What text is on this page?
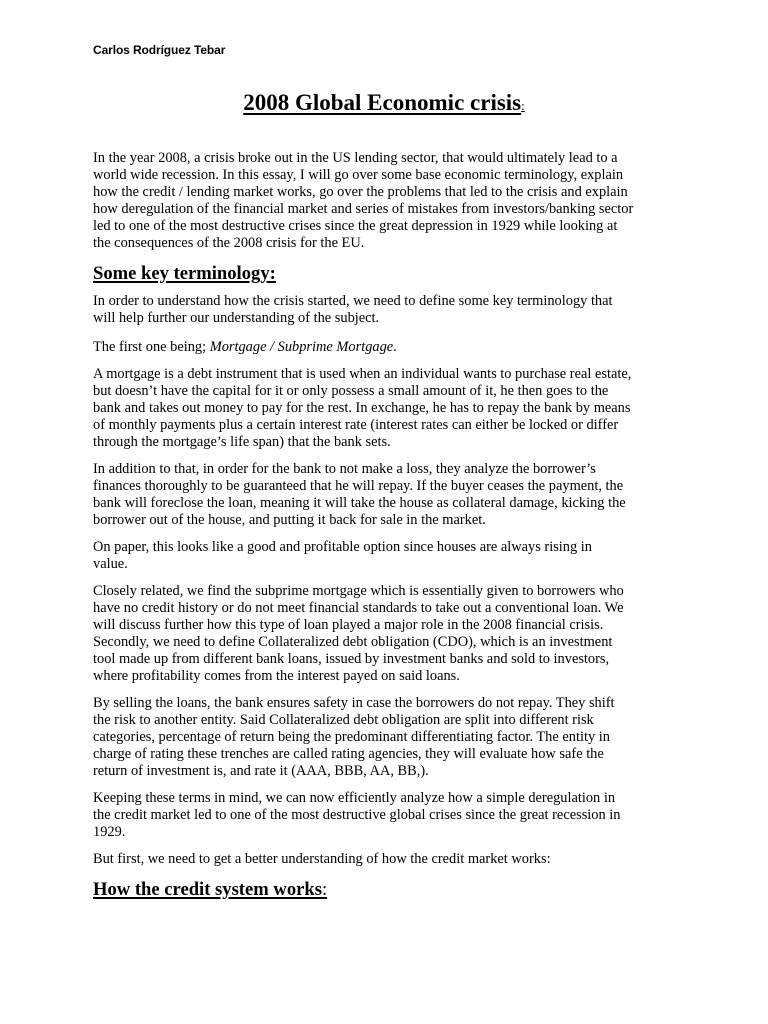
Carlos Rodríguez Tebar
2008 Global Economic crisis:

In the year 2008, a crisis broke out in the US lending sector, that would ultimately lead to a
world wide recession. In this essay, I will go over some base economic terminology, explain
how the credit / lending market works, go over the problems that led to the crisis and explain
how deregulation of the financial market and series of mistakes from investors/banking sector
led to one of the most destructive crises since the great depression in 1929 while looking at
the consequences of the 2008 crisis for the EU.

Some key terminology:

In order to understand how the crisis started, we need to define some key terminology that
will help further our understanding of the subject.

The first one being; Mortgage / Subprime Mortgage.

A mortgage is a debt instrument that is used when an individual wants to purchase real estate,
but doesn’t have the capital for it or only possess a small amount of it, he then goes to the
bank and takes out money to pay for the rest. In exchange, he has to repay the bank by means
of monthly payments plus a certain interest rate (interest rates can either be locked or differ
through the mortgage’s life span) that the bank sets.

In addition to that, in order for the bank to not make a loss, they analyze the borrower’s
finances thoroughly to be guaranteed that he will repay. If the buyer ceases the payment, the
bank will foreclose the loan, meaning it will take the house as collateral damage, kicking the
borrower out of the house, and putting it back for sale in the market.

On paper, this looks like a good and profitable option since houses are always rising in
value.

Closely related, we find the subprime mortgage which is essentially given to borrowers who
have no credit history or do not meet financial standards to take out a conventional loan. We
will discuss further how this type of loan played a major role in the 2008 financial crisis.
Secondly, we need to define Collateralized debt obligation (CDO), which is an investment
tool made up from different bank loans, issued by investment banks and sold to investors,
where profitability comes from the interest payed on said loans.

By selling the loans, the bank ensures safety in case the borrowers do not repay. They shift
the risk to another entity. Said Collateralized debt obligation are split into different risk
categories, percentage of return being the predominant differentiating factor. The entity in
charge of rating these trenches are called rating agencies, they will evaluate how safe the
return of investment is, and rate it (AAA, BBB, AA, BB,).

Keeping these terms in mind, we can now efficiently analyze how a simple deregulation in
the credit market led to one of the most destructive global crises since the great recession in
1929.

But first, we need to get a better understanding of how the credit market works:

How the credit system works:
